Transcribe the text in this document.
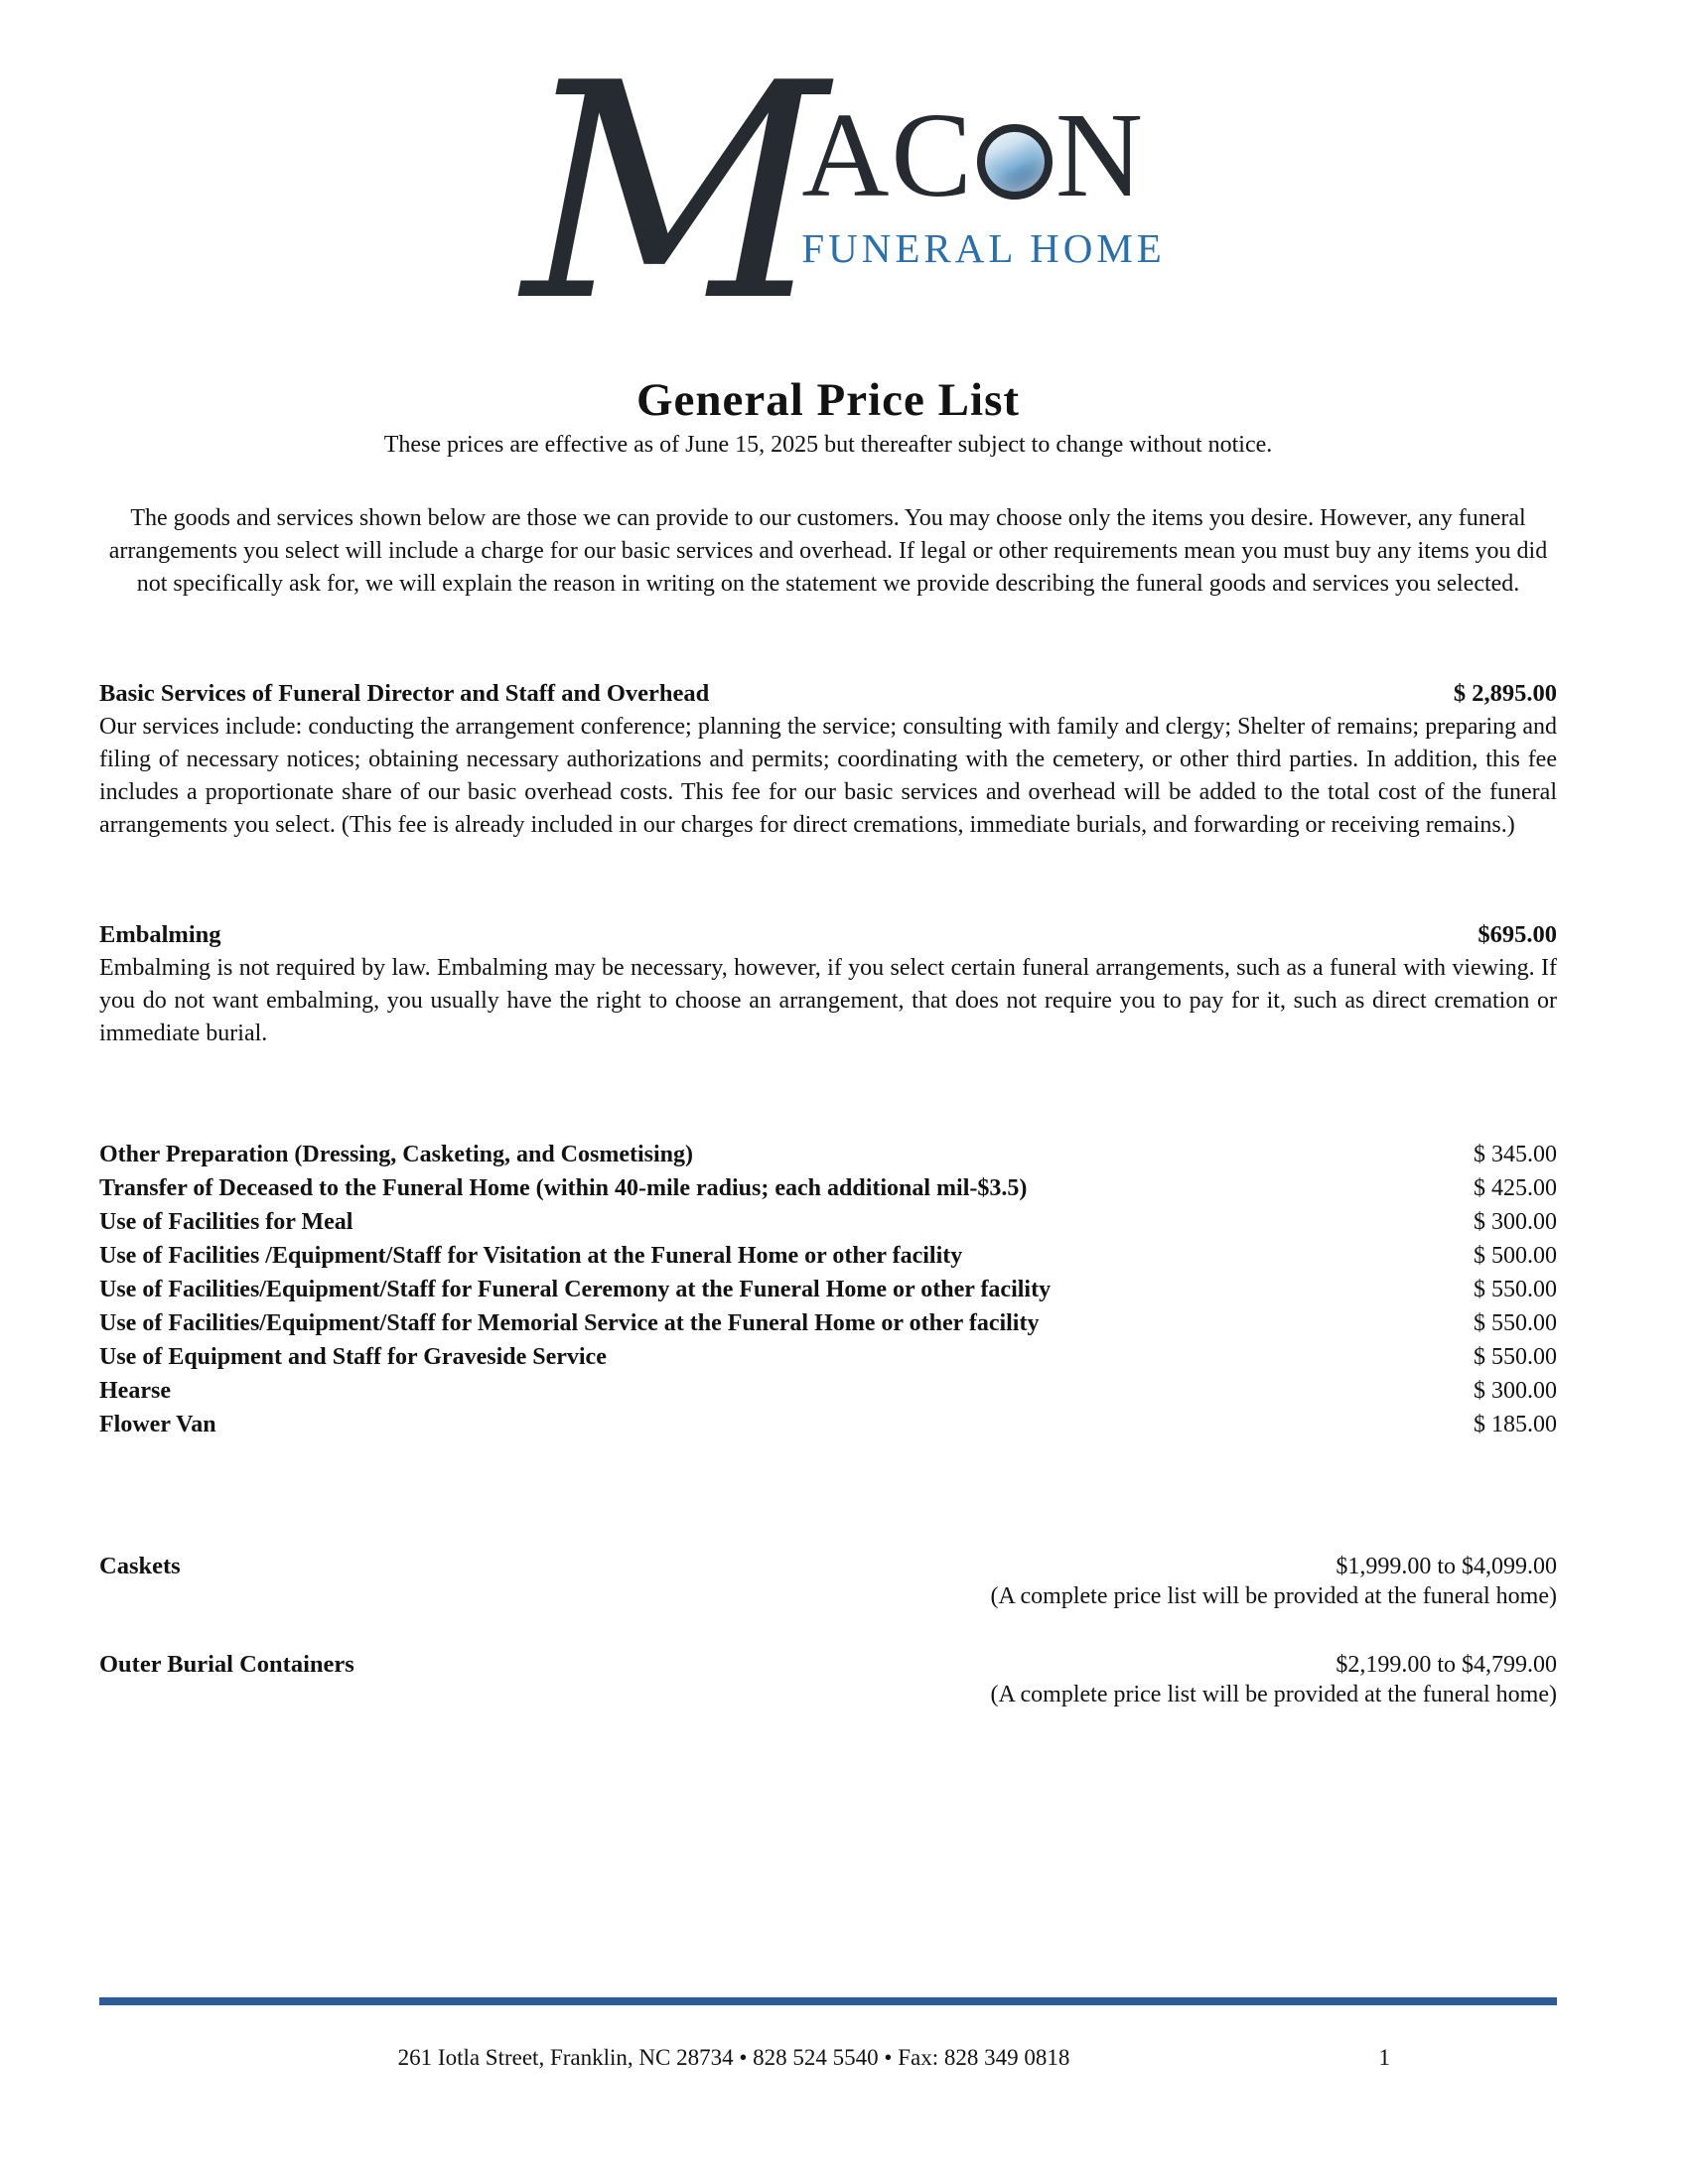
M
AC N
FUNERAL HOME
General Price List

These prices are effective as of June 15, 2025 but thereafter subject to change without notice.

The goods and services shown below are those we can provide to our customers. You may choose only the items you desire. However, any funeral arrangements you select will include a charge for our basic services and overhead. If legal or other requirements mean you must buy any items you did not specifically ask for, we will explain the reason in writing on the statement we provide describing the funeral goods and services you selected.

Basic Services of Funeral Director and Staff and Overhead	$ 2,895.00

Our services include: conducting the arrangement conference; planning the service; consulting with family and clergy; Shelter of remains; preparing and filing of necessary notices; obtaining necessary authorizations and permits; coordinating with the cemetery, or other third parties. In addition, this fee includes a proportionate share of our basic overhead costs. This fee for our basic services and overhead will be added to the total cost of the funeral arrangements you select. (This fee is already included in our charges for direct cremations, immediate burials, and forwarding or receiving remains.)

Embalming	$695.00

Embalming is not required by law. Embalming may be necessary, however, if you select certain funeral arrangements, such as a funeral with viewing. If you do not want embalming, you usually have the right to choose an arrangement, that does not require you to pay for it, such as direct cremation or immediate burial.

Other Preparation (Dressing, Casketing, and Cosmetising)	$ 345.00
Transfer of Deceased to the Funeral Home (within 40-mile radius; each additional mil-$3.5)	$ 425.00
Use of Facilities for Meal	$ 300.00
Use of Facilities /Equipment/Staff for Visitation at the Funeral Home or other facility	$ 500.00
Use of Facilities/Equipment/Staff for Funeral Ceremony at the Funeral Home or other facility	$ 550.00
Use of Facilities/Equipment/Staff for Memorial Service at the Funeral Home or other facility	$ 550.00
Use of Equipment and Staff for Graveside Service	$ 550.00
Hearse	$ 300.00
Flower Van	$ 185.00
Caskets	$1,999.00 to $4,099.00

(A complete price list will be provided at the funeral home)

Outer Burial Containers	$2,199.00 to $4,799.00

(A complete price list will be provided at the funeral home)

261 Iotla Street, Franklin, NC 28734 • 828 524 5540 • Fax: 828 349 0818	1
